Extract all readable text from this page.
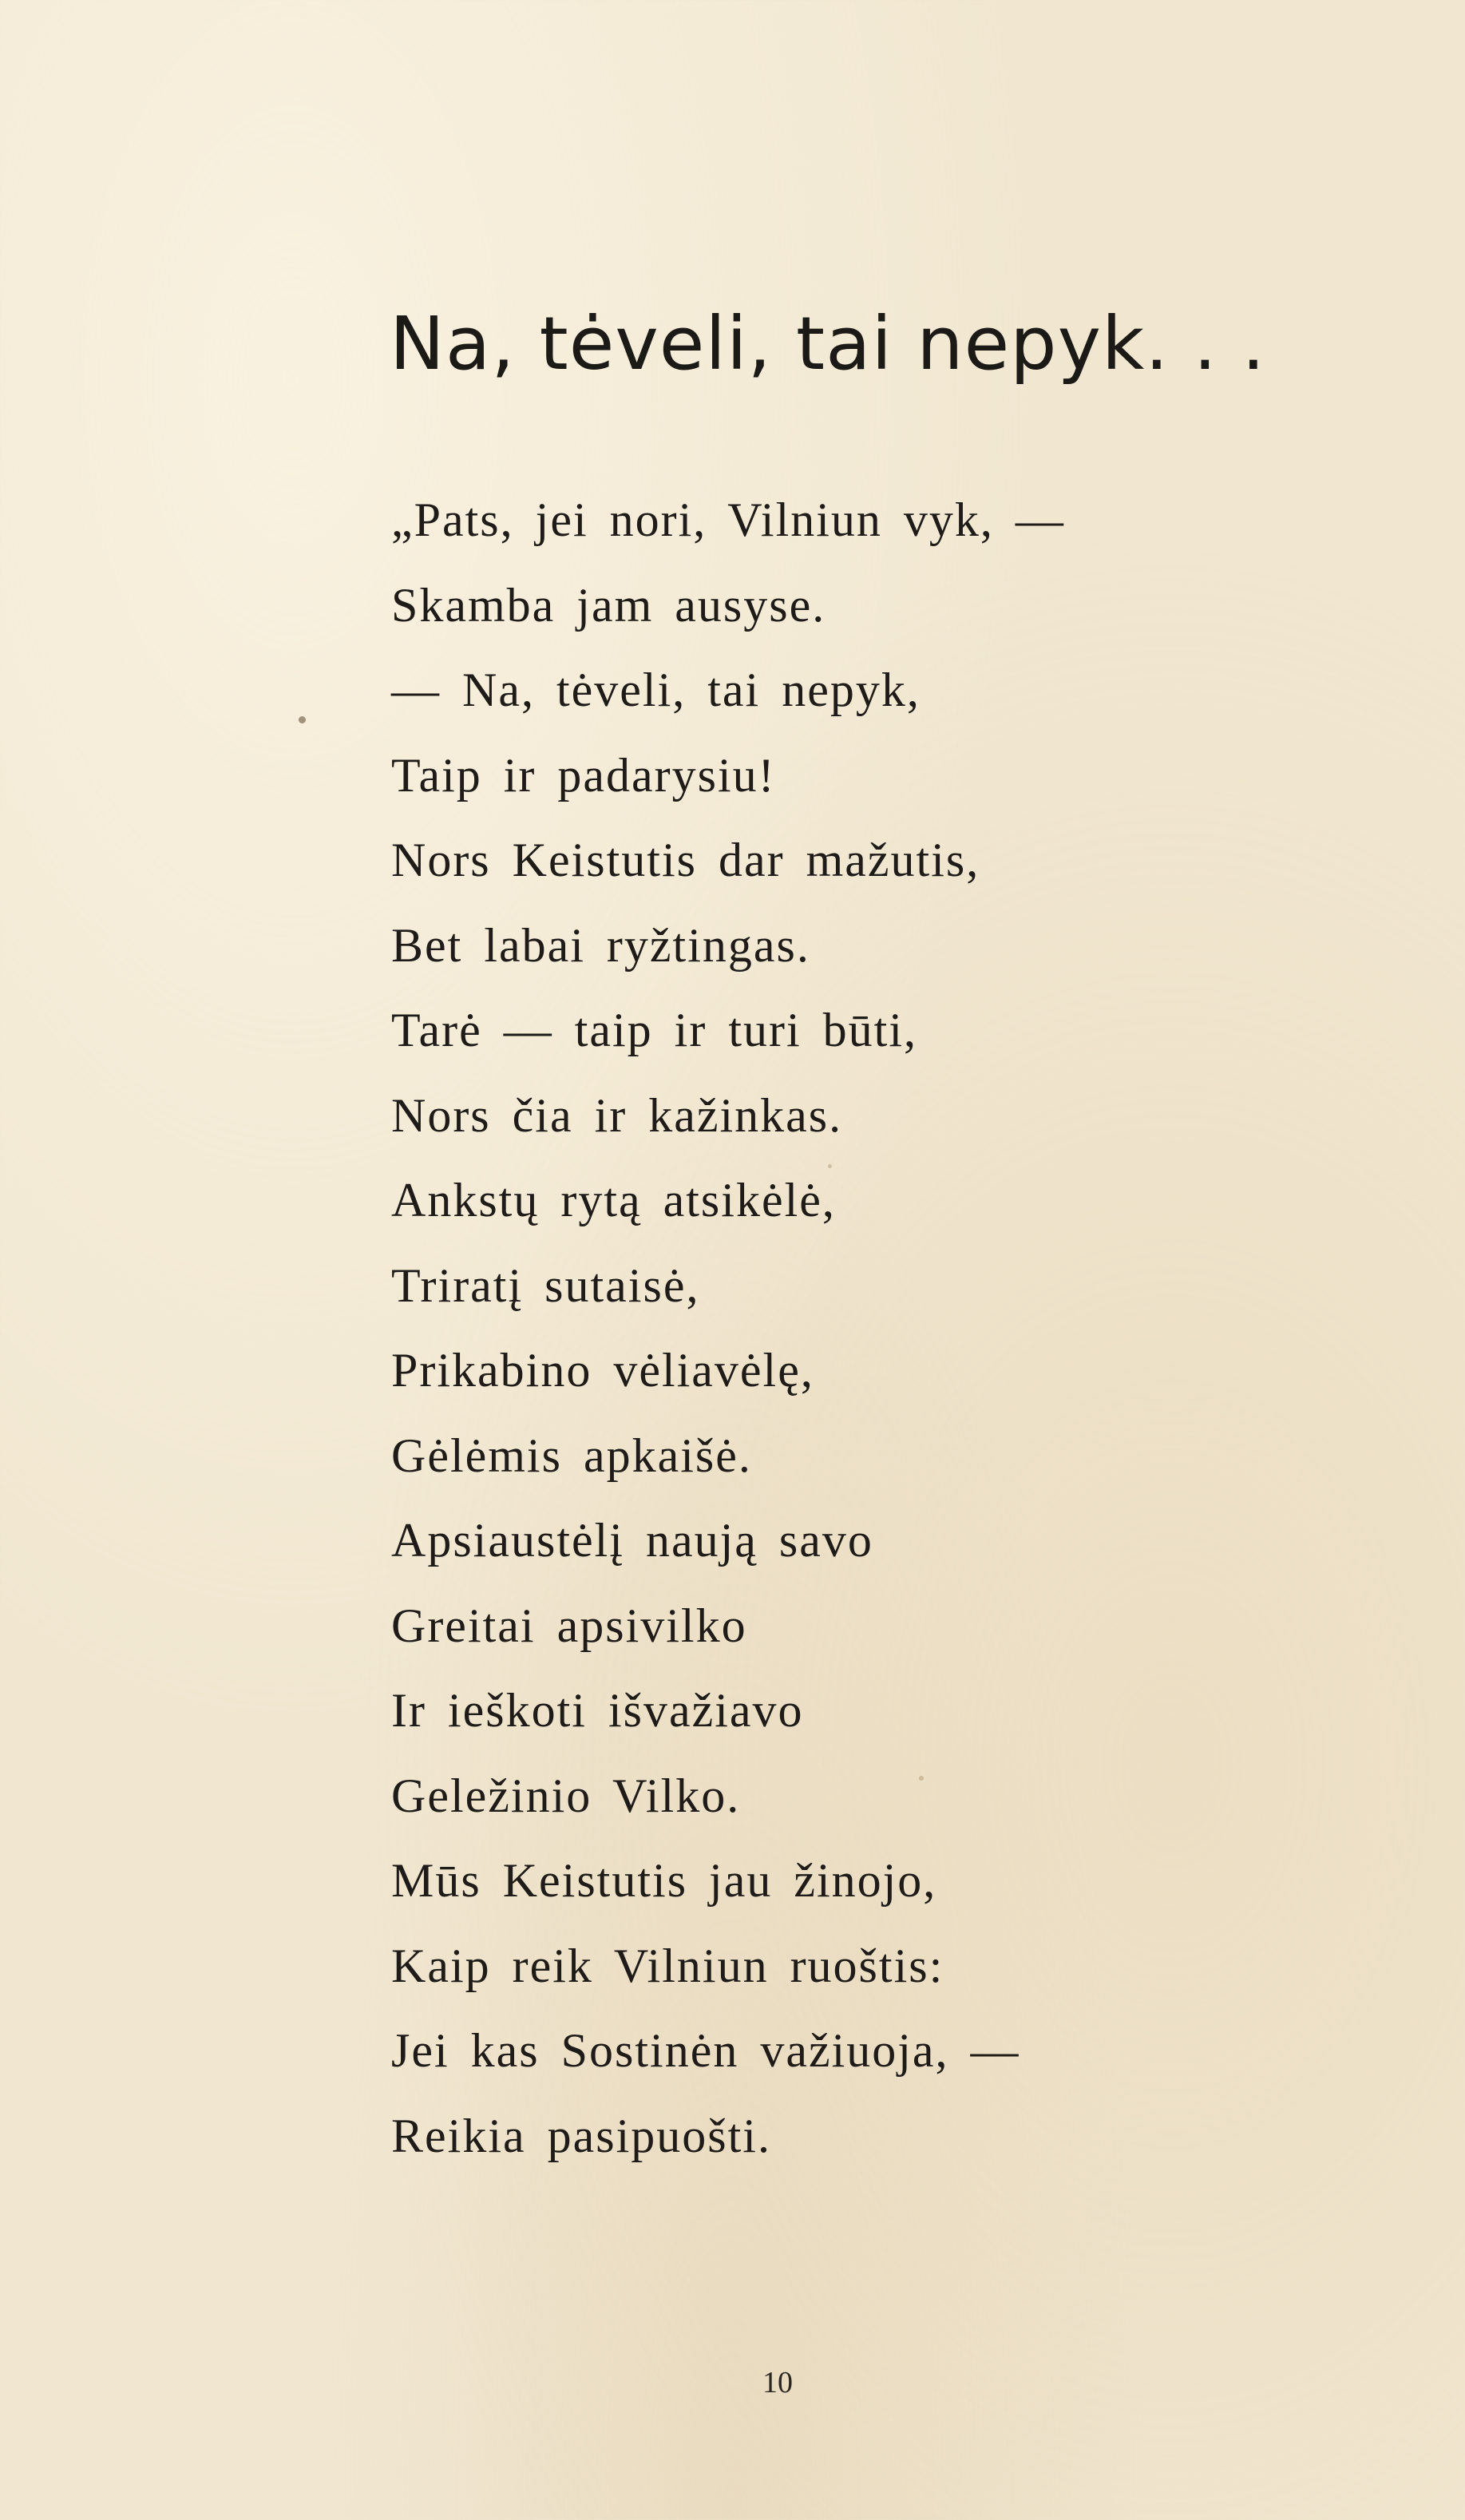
Na, tėveli, tai nepyk. . .
„Pats, jei nori, Vilniun vyk, —
Skamba jam ausyse.
— Na, tėveli, tai nepyk,
Taip ir padarysiu!
Nors Keistutis dar mažutis,
Bet labai ryžtingas.
Tarė — taip ir turi būti,
Nors čia ir kažinkas.
Ankstų rytą atsikėlė,
Triratį sutaisė,
Prikabino vėliavėlę,
Gėlėmis apkaišė.
Apsiaustėlį naują savo
Greitai apsivilko
Ir ieškoti išvažiavo
Geležinio Vilko.
Mūs Keistutis jau žinojo,
Kaip reik Vilniun ruoštis:
Jei kas Sostinėn važiuoja, —
Reikia pasipuošti.
10
